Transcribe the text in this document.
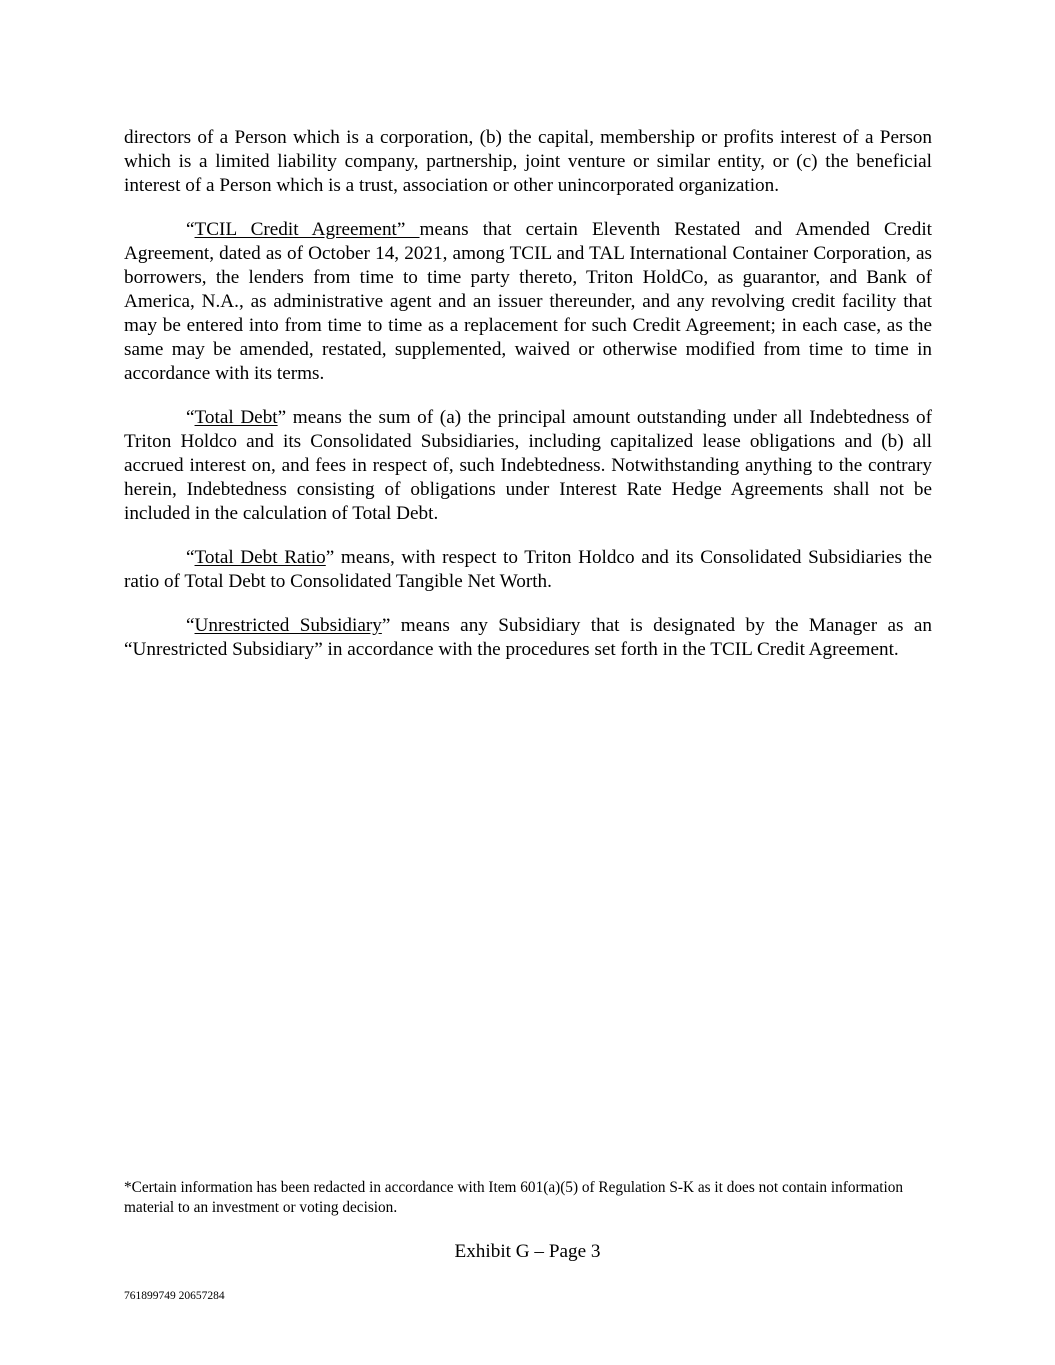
directors of a Person which is a corporation, (b) the capital, membership or profits interest of a Person which is a limited liability company, partnership, joint venture or similar entity, or (c) the beneficial interest of a Person which is a trust, association or other unincorporated organization.

“TCIL Credit Agreement” means that certain Eleventh Restated and Amended Credit Agreement, dated as of October 14, 2021, among TCIL and TAL International Container Corporation, as borrowers, the lenders from time to time party thereto, Triton HoldCo, as guarantor, and Bank of America, N.A., as administrative agent and an issuer thereunder, and any revolving credit facility that may be entered into from time to time as a replacement for such Credit Agreement; in each case, as the same may be amended, restated, supplemented, waived or otherwise modified from time to time in accordance with its terms.

“Total Debt” means the sum of (a) the principal amount outstanding under all Indebtedness of Triton Holdco and its Consolidated Subsidiaries, including capitalized lease obligations and (b) all accrued interest on, and fees in respect of, such Indebtedness. Notwithstanding anything to the contrary herein, Indebtedness consisting of obligations under Interest Rate Hedge Agreements shall not be included in the calculation of Total Debt.

“Total Debt Ratio” means, with respect to Triton Holdco and its Consolidated Subsidiaries the ratio of Total Debt to Consolidated Tangible Net Worth.

“Unrestricted Subsidiary” means any Subsidiary that is designated by the Manager as an “Unrestricted Subsidiary” in accordance with the procedures set forth in the TCIL Credit Agreement.

*Certain information has been redacted in accordance with Item 601(a)(5) of Regulation S-K as it does not contain information material to an investment or voting decision.
Exhibit G – Page 3
761899749 20657284
